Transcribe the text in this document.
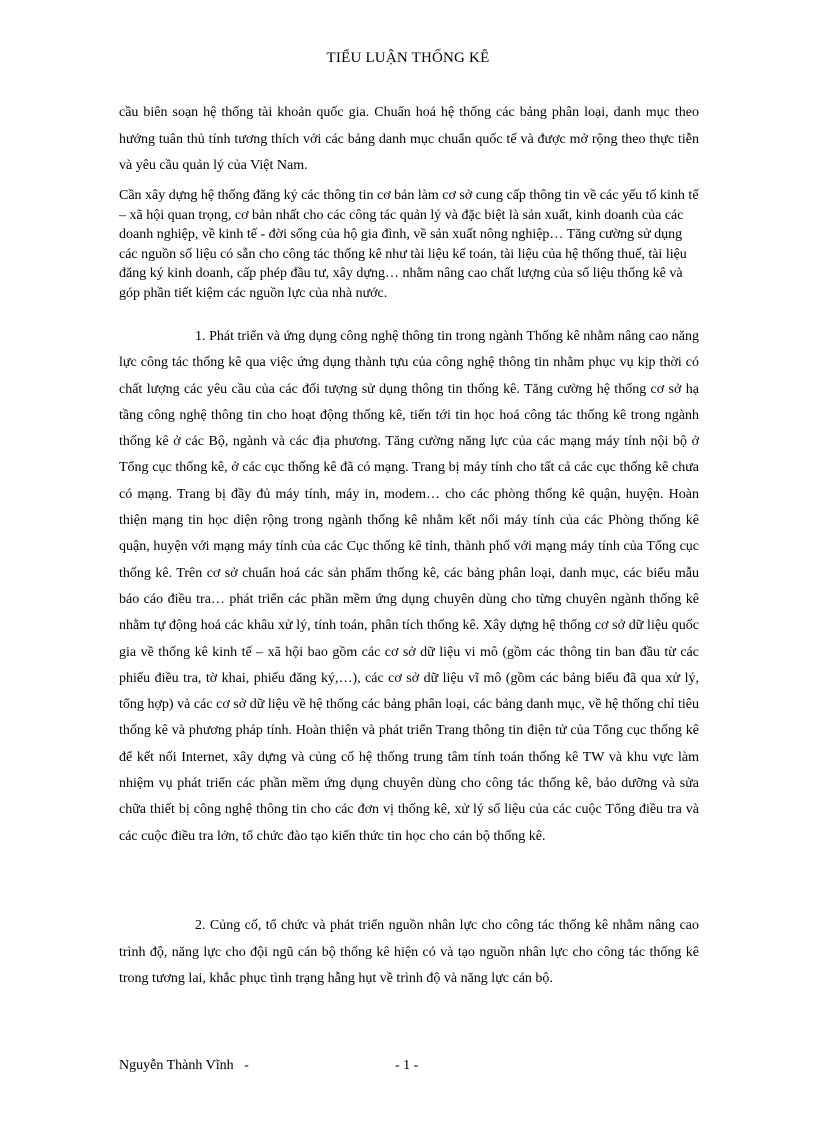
TIỂU LUẬN THỐNG KÊ

cầu biên soạn hệ thống tài khoản quốc gia. Chuẩn hoá hệ thống các bảng phân loại, danh mục theo hướng tuân thủ tính tương thích với các bảng danh mục chuẩn quốc tế và được mở rộng theo thực tiễn và yêu cầu quản lý của Việt Nam.

Cần xây dựng hệ thống đăng ký các thông tin cơ bản làm cơ sở cung cấp thông tin về các yếu tố kinh tế – xã hội quan trọng, cơ bản nhất cho các công tác quản lý và đặc biệt là sản xuất, kinh doanh của các doanh nghiệp, về kinh tế - đời sống của hộ gia đình, về sản xuất nông nghiệp… Tăng cường sử dụng các nguồn số liệu có sẵn cho công tác thống kê như tài liệu kế toán, tài liệu của hệ thống thuế, tài liệu đăng ký kinh doanh, cấp phép đầu tư, xây dựng… nhằm nâng cao chất lượng của số liệu thống kê và góp phần tiết kiệm các nguồn lực của nhà nước.

1. Phát triển và ứng dụng công nghệ thông tin trong ngành Thống kê nhằm nâng cao năng lực công tác thống kê qua việc ứng dụng thành tựu của công nghệ thông tin nhằm phục vụ kịp thời có chất lượng các yêu cầu của các đối tượng sử dụng thông tin thống kê. Tăng cường hệ thống cơ sở hạ tầng công nghệ thông tin cho hoạt động thống kê, tiến tới tin học hoá công tác thống kê trong ngành thống kê ở các Bộ, ngành và các địa phương. Tăng cường năng lực của các mạng máy tính nội bộ ở Tổng cục thống kê, ở các cục thống kê đã có mạng. Trang bị máy tính cho tất cả các cục thống kê chưa có mạng. Trang bị đầy đủ máy tính, máy in, modem… cho các phòng thống kê quận, huyện. Hoàn thiện mạng tin học diện rộng trong ngành thống kê nhằm kết nối máy tính của các Phòng thống kê quận, huyện với mạng máy tính của các Cục thống kê tỉnh, thành phố với mạng máy tính của Tổng cục thống kê. Trên cơ sở chuẩn hoá các sản phẩm thống kê, các bảng phân loại, danh mục, các biểu mẫu báo cáo điều tra… phát triển các phần mềm ứng dụng chuyên dùng cho từng chuyên ngành thống kê nhằm tự động hoá các khâu xử lý, tính toán, phân tích thống kê. Xây dựng hệ thống cơ sở dữ liệu quốc gia về thống kê kinh tế – xã hội bao gồm các cơ sở dữ liệu vi mô (gồm các thông tin ban đầu từ các phiếu điều tra, tờ khai, phiếu đăng ký,…), các cơ sở dữ liệu vĩ mô (gồm các bảng biểu đã qua xử lý, tổng hợp) và các cơ sở dữ liệu về hệ thống các bảng phân loại, các bảng danh mục, về hệ thống chỉ tiêu thống kê và phương pháp tính. Hoàn thiện và phát triển Trang thông tin điện tử của Tổng cục thống kê để kết nối Internet, xây dựng và củng cố hệ thống trung tâm tính toán thống kê TW và khu vực làm nhiệm vụ phát triển các phần mềm ứng dụng chuyên dùng cho công tác thống kê, bảo dưỡng và sửa chữa thiết bị công nghệ thông tin cho các đơn vị thống kê, xử lý số liệu của các cuộc Tổng điều tra và các cuộc điều tra lớn, tổ chức đào tạo kiến thức tin học cho cán bộ thống kê.

2. Củng cố, tổ chức và phát triển nguồn nhân lực cho công tác thống kê nhằm nâng cao trình độ, năng lực cho đội ngũ cán bộ thống kê hiện có và tạo nguồn nhân lực cho công tác thống kê trong tương lai, khắc phục tình trạng hẫng hụt về trình độ và năng lực cán bộ.

Nguyễn Thành Vĩnh   -	- 1 -
